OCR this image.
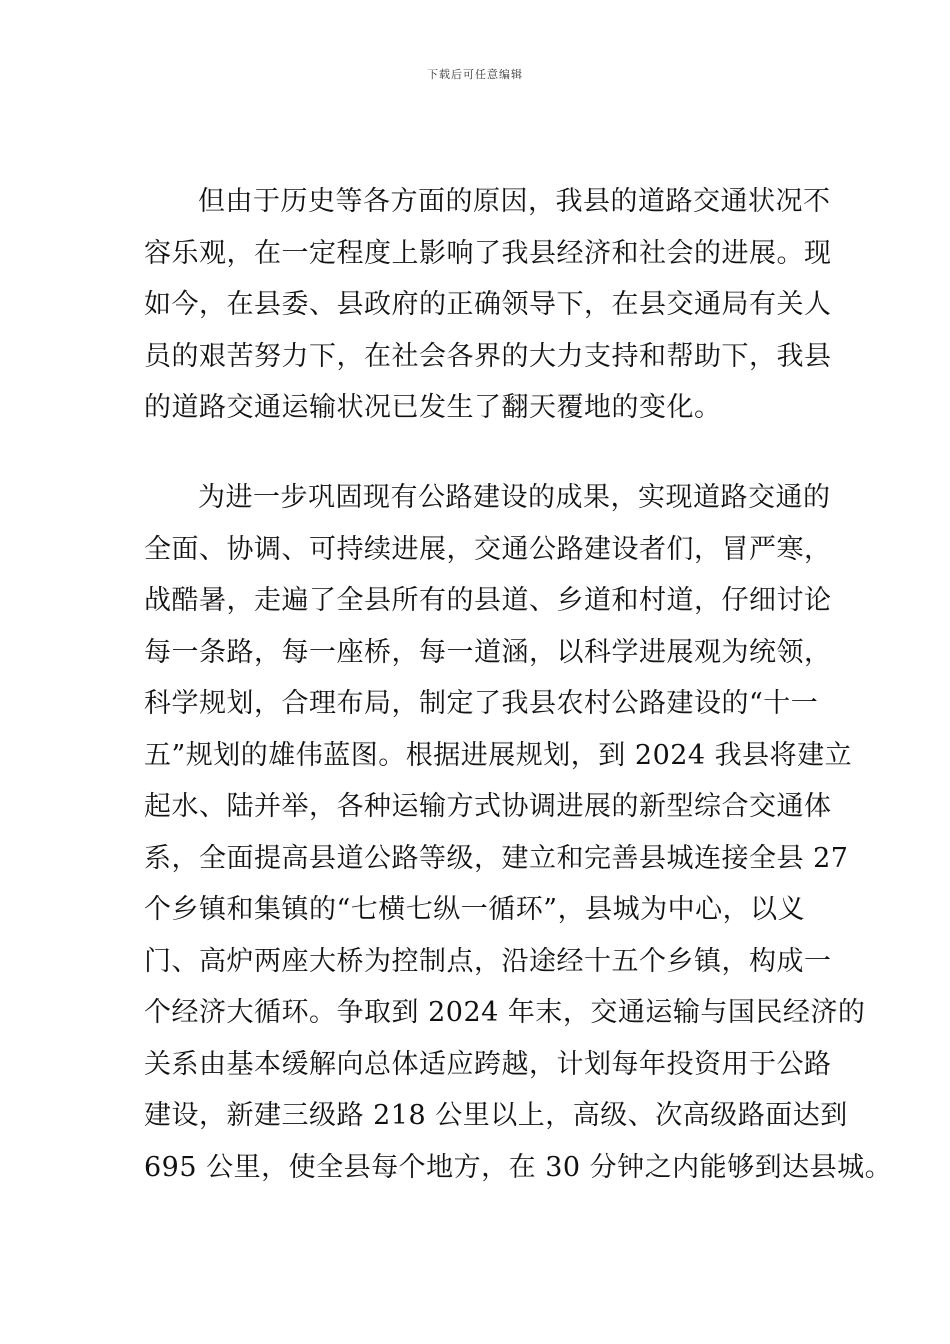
下载后可任意编辑
但由于历史等各方面的原因，我县的道路交通状况不
容乐观，在一定程度上影响了我县经济和社会的进展。现
如今，在县委、县政府的正确领导下，在县交通局有关人
员的艰苦努力下，在社会各界的大力支持和帮助下，我县
的道路交通运输状况已发生了翻天覆地的变化。
为进一步巩固现有公路建设的成果，实现道路交通的
全面、协调、可持续进展，交通公路建设者们，冒严寒，
战酷暑，走遍了全县所有的县道、乡道和村道，仔细讨论
每一条路，每一座桥，每一道涵，以科学进展观为统领，
科学规划，合理布局，制定了我县农村公路建设的“十一
五”规划的雄伟蓝图。根据进展规划，到 2024 我县将建立
起水、陆并举，各种运输方式协调进展的新型综合交通体
系，全面提高县道公路等级，建立和完善县城连接全县 27
个乡镇和集镇的“七横七纵一循环”，县城为中心，以义
门、高炉两座大桥为控制点，沿途经十五个乡镇，构成一
个经济大循环。争取到 2024 年末，交通运输与国民经济的
关系由基本缓解向总体适应跨越，计划每年投资用于公路
建设，新建三级路 218 公里以上，高级、次高级路面达到
695 公里，使全县每个地方，在 30 分钟之内能够到达县城。
